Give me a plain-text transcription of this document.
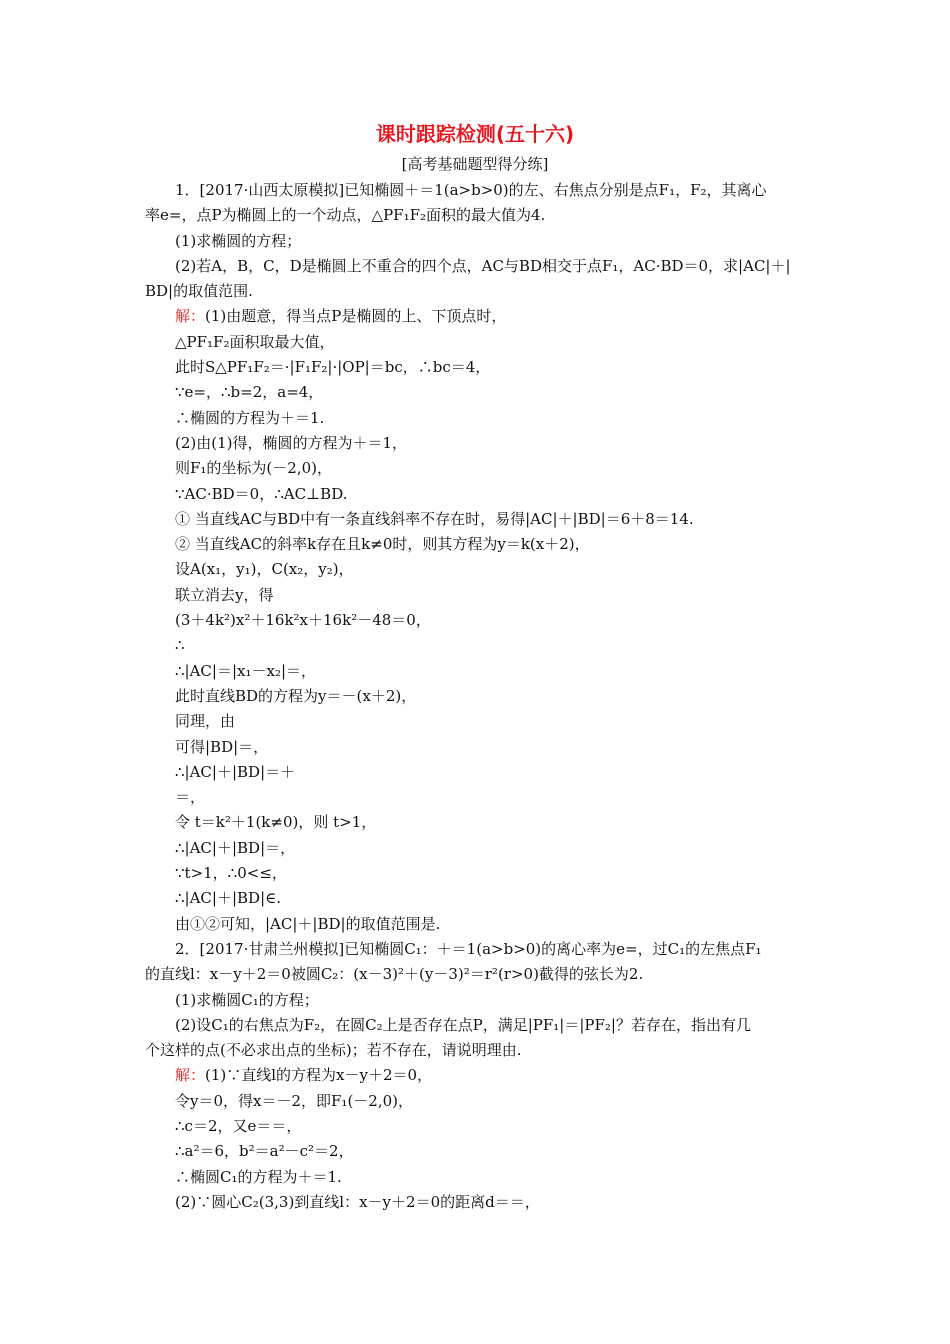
课时跟踪检测(五十六)
[高考基础题型得分练]
1．[2017·山西太原模拟]已知椭圆＋＝1(a>b>0)的左、右焦点分别是点F₁，F₂，其离心
率e=，点P为椭圆上的一个动点，△PF₁F₂面积的最大值为4.
(1)求椭圆的方程；
(2)若A，B，C，D是椭圆上不重合的四个点，AC与BD相交于点F₁，AC·BD＝0，求|AC|＋|
BD|的取值范围.
解：(1)由题意，得当点P是椭圆的上、下顶点时，
△PF₁F₂面积取最大值，
此时S△PF₁F₂＝·|F₁F₂|·|OP|＝bc，∴bc＝4，
∵e=，∴b=2，a=4，
∴椭圆的方程为＋＝1.
(2)由(1)得，椭圆的方程为＋＝1，
则F₁的坐标为(－2,0)，
∵AC·BD＝0，∴AC⊥BD.
① 当直线AC与BD中有一条直线斜率不存在时，易得|AC|＋|BD|＝6＋8＝14.
② 当直线AC的斜率k存在且k≠0时，则其方程为y＝k(x＋2)，
设A(x₁，y₁)，C(x₂，y₂)，
联立消去y，得
(3＋4k²)x²＋16k²x＋16k²－48＝0，
∴
∴|AC|＝|x₁－x₂|＝，
此时直线BD的方程为y＝－(x＋2)，
同理，由
可得|BD|＝，
∴|AC|＋|BD|＝＋
＝，
令 t＝k²＋1(k≠0)，则 t>1，
∴|AC|＋|BD|＝，
∵t>1，∴0<≤，
∴|AC|＋|BD|∈.
由①②可知，|AC|＋|BD|的取值范围是.
2．[2017·甘肃兰州模拟]已知椭圆C₁：＋＝1(a>b>0)的离心率为e=，过C₁的左焦点F₁
的直线l：x－y＋2＝0被圆C₂：(x－3)²＋(y－3)²＝r²(r>0)截得的弦长为2.
(1)求椭圆C₁的方程；
(2)设C₁的右焦点为F₂，在圆C₂上是否存在点P，满足|PF₁|＝|PF₂|？若存在，指出有几
个这样的点(不必求出点的坐标)；若不存在，请说明理由.
解：(1)∵直线l的方程为x－y＋2＝0，
令y＝0，得x＝－2，即F₁(－2,0)，
∴c＝2，又e＝＝，
∴a²＝6，b²＝a²－c²＝2，
∴椭圆C₁的方程为＋＝1.
(2)∵圆心C₂(3,3)到直线l：x－y＋2＝0的距离d＝＝，
